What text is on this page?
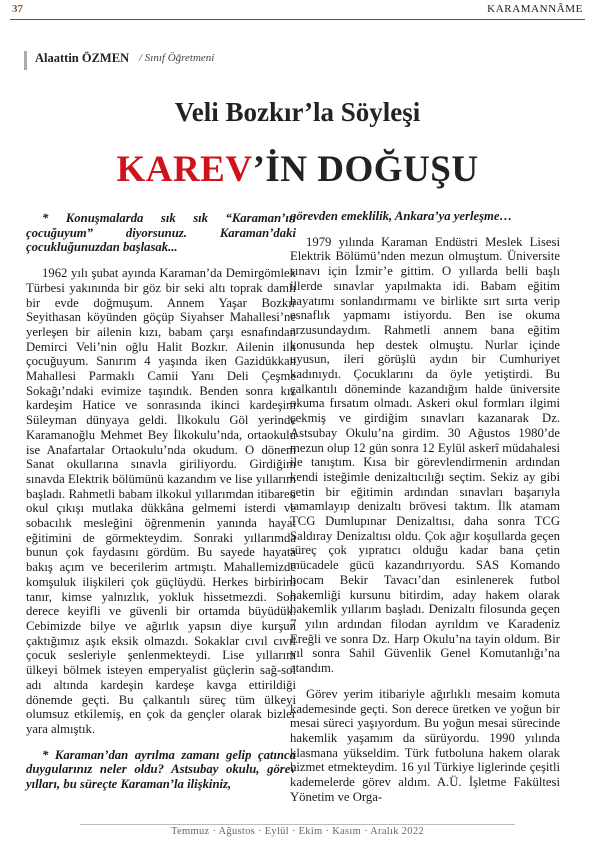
37	KARAMANNÂME
Alaattin ÖZMEN / Sınıf Öğretmeni
Veli Bozkır’la Söyleşi
KAREV’İN DOĞUŞU

* Konuşmalarda sık sık “Karaman’ın çocuğuyum” diyorsunuz. Karaman’daki çocukluğunuzdan başlasak...

1962 yılı şubat ayında Karaman’da Demirgömlek Türbesi yakınında bir göz bir seki altı toprak damlı bir evde doğmuşum. Annem Yaşar Bozkır Seyithasan köyünden göçüp Siyahser Mahallesi’ne yerleşen bir ailenin kızı, babam çarşı esnafından Demirci Veli’nin oğlu Halit Bozkır. Ailenin ilk çocuğuyum. Sanırım 4 yaşında iken Gazidükkan Mahallesi Parmaklı Camii Yanı Deli Çeşme Sokağı’ndaki evimize taşındık. Benden sonra kız kardeşim Hatice ve sonrasında ikinci kardeşim Süleyman dünyaya geldi. İlkokulu Göl yerinde Karamanoğlu Mehmet Bey İlkokulu’nda, ortaokulu ise Anafartalar Ortaokulu’nda okudum. O dönem Sanat okullarına sınavla giriliyordu. Girdiğim sınavda Elektrik bölümünü kazandım ve lise yıllarım başladı. Rahmetli babam ilkokul yıllarımdan itibaren okul çıkışı mutlaka dükkâna gelmemi isterdi ve sobacılık mesleğini öğrenmenin yanında hayat eğitimini de görmekteydim. Sonraki yıllarımda bunun çok faydasını gördüm. Bu sayede hayata bakış açım ve becerilerim artmıştı. Mahallemizde komşuluk ilişkileri çok güçlüydü. Herkes birbirini tanır, kimse yalnızlık, yokluk hissetmezdi. Son derece keyifli ve güvenli bir ortamda büyüdük. Cebimizde bilye ve ağırlık yapsın diye kurşun çaktığımız aşık eksik olmazdı. Sokaklar cıvıl cıvıl çocuk sesleriyle şenlenmekteydi. Lise yıllarım ülkeyi bölmek isteyen emperyalist güçlerin sağ-sol adı altında kardeşin kardeşe kavga ettirildiği dönemde geçti. Bu çalkantılı süreç tüm ülkeyi olumsuz etkilemiş, en çok da gençler olarak bizler yara almıştık.

* Karaman’dan ayrılma zamanı gelip çatınca duygularınız neler oldu? Astsubay okulu, görev yılları, bu süreçte Karaman’la ilişkiniz,

görevden emeklilik, Ankara’ya yerleşme…

1979 yılında Karaman Endüstri Meslek Lisesi Elektrik Bölümü’nden mezun olmuştum. Üniversite sınavı için İzmir’e gittim. O yıllarda belli başlı illerde sınavlar yapılmakta idi. Babam eğitim hayatımı sonlandırmamı ve birlikte sırt sırta verip esnaflık yapmamı istiyordu. Ben ise okuma arzusundaydım. Rahmetli annem bana eğitim konusunda hep destek olmuştu. Nurlar içinde uyusun, ileri görüşlü aydın bir Cumhuriyet kadınıydı. Çocuklarını da öyle yetiştirdi. Bu çalkantılı döneminde kazandığım halde üniversite okuma fırsatım olmadı. Askeri okul formları ilgimi çekmiş ve girdiğim sınavları kazanarak Dz. Astsubay Okulu’na girdim. 30 Ağustos 1980’de mezun olup 12 gün sonra 12 Eylül askerî müdahalesi ile tanıştım. Kısa bir görevlendirmenin ardından kendi isteğimle denizaltıcılığı seçtim. Sekiz ay gibi çetin bir eğitimin ardından sınavları başarıyla tamamlayıp denizaltı brövesi taktım. İlk atamam TCG Dumlupınar Denizaltısı, daha sonra TCG Saldıray Denizaltısı oldu. Çok ağır koşullarda geçen süreç çok yıpratıcı olduğu kadar bana çetin mücadele gücü kazandırıyordu. SAS Komando hocam Bekir Tavacı’dan esinlenerek futbol hakemliği kursunu bitirdim, aday hakem olarak hakemlik yıllarım başladı. Denizaltı filosunda geçen 7 yılın ardından filodan ayrıldım ve Karadeniz Ereğli ve sonra Dz. Harp Okulu’na tayin oldum. Bir yıl sonra Sahil Güvenlik Genel Komutanlığı’na atandım.

Görev yerim itibariyle ağırlıklı mesaim komuta kademesinde geçti. Son derece üretken ve yoğun bir mesai süreci yaşıyordum. Bu yoğun mesai sürecinde hakemlik yaşamım da sürüyordu. 1990 yılında klasmana yükseldim. Türk futboluna hakem olarak hizmet etmekteydim. 16 yıl Türkiye liglerinde çeşitli kademelerde görev aldım. A.Ü. İşletme Fakültesi Yönetim ve Orga-

Temmuz · Ağustos · Eylül · Ekim · Kasım · Aralık 2022
